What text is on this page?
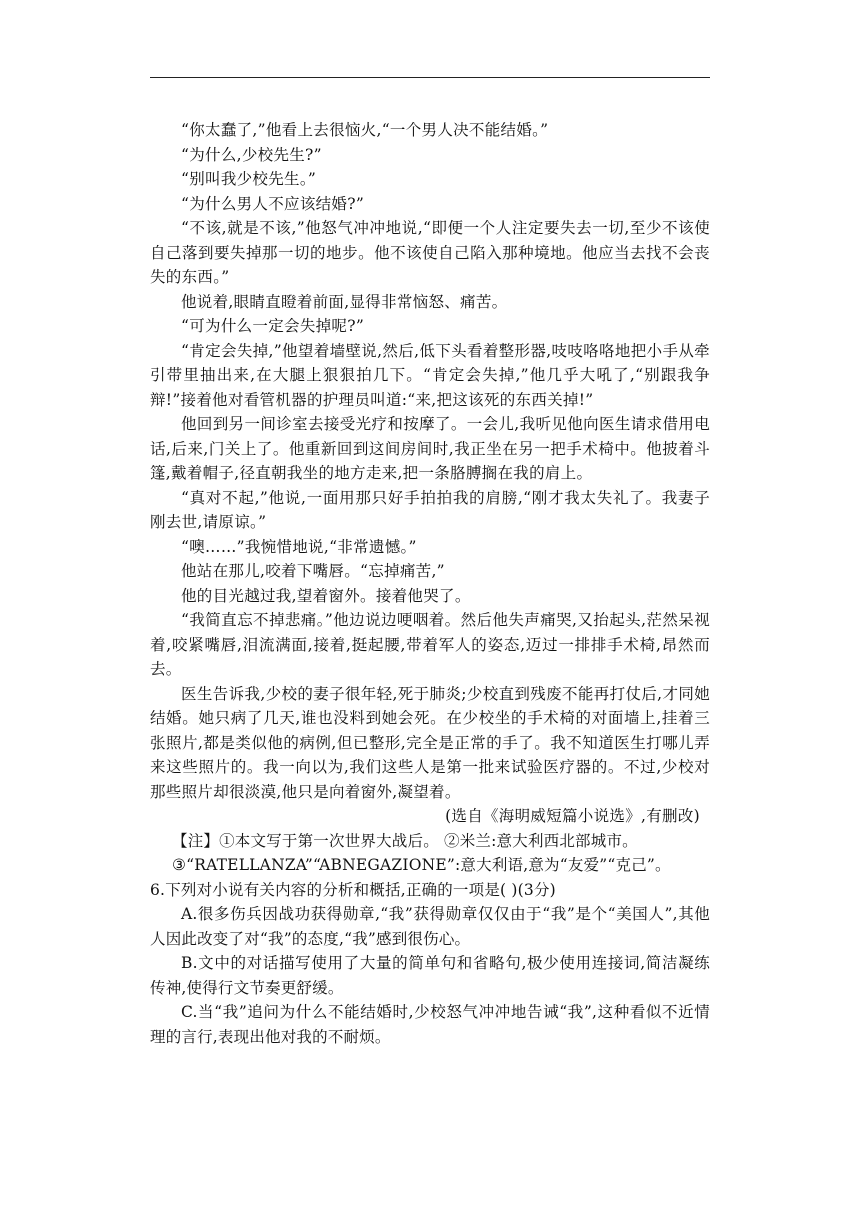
“你太蠢了,”他看上去很恼火,“一个男人决不能结婚。”

“为什么,少校先生?”

“别叫我少校先生。”

“为什么男人不应该结婚?”

“不该,就是不该,”他怒气冲冲地说,“即便一个人注定要失去一切,至少不该使自己落到要失掉那一切的地步。他不该使自己陷入那种境地。他应当去找不会丧失的东西。”

他说着,眼睛直瞪着前面,显得非常恼怒、痛苦。

“可为什么一定会失掉呢?”

“肯定会失掉,”他望着墙壁说,然后,低下头看着整形器,吱吱咯咯地把小手从牵引带里抽出来,在大腿上狠狠拍几下。“肯定会失掉,”他几乎大吼了,“别跟我争辩!”接着他对看管机器的护理员叫道:“来,把这该死的东西关掉!”

他回到另一间诊室去接受光疗和按摩了。一会儿,我听见他向医生请求借用电话,后来,门关上了。他重新回到这间房间时,我正坐在另一把手术椅中。他披着斗篷,戴着帽子,径直朝我坐的地方走来,把一条胳膊搁在我的肩上。

“真对不起,”他说,一面用那只好手拍拍我的肩膀,“刚才我太失礼了。我妻子刚去世,请原谅。”

“噢……”我惋惜地说,“非常遗憾。”

他站在那儿,咬着下嘴唇。“忘掉痛苦,”

他的目光越过我,望着窗外。接着他哭了。

“我简直忘不掉悲痛。”他边说边哽咽着。然后他失声痛哭,又抬起头,茫然呆视着,咬紧嘴唇,泪流满面,接着,挺起腰,带着军人的姿态,迈过一排排手术椅,昂然而去。

医生告诉我,少校的妻子很年轻,死于肺炎;少校直到残废不能再打仗后,才同她结婚。她只病了几天,谁也没料到她会死。在少校坐的手术椅的对面墙上,挂着三张照片,都是类似他的病例,但已整形,完全是正常的手了。我不知道医生打哪儿弄来这些照片的。我一向以为,我们这些人是第一批来试验医疗器的。不过,少校对那些照片却很淡漠,他只是向着窗外,凝望着。

(选自《海明威短篇小说选》,有删改)

【注】①本文写于第一次世界大战后。 ②米兰:意大利西北部城市。

③“RATELLANZA”“ABNEGAZIONE”:意大利语,意为“友爱”“克己”。

6.下列对小说有关内容的分析和概括,正确的一项是( )(3分)

A.很多伤兵因战功获得勋章,“我”获得勋章仅仅由于“我”是个“美国人”,其他人因此改变了对“我”的态度,“我”感到很伤心。

B.文中的对话描写使用了大量的简单句和省略句,极少使用连接词,简洁凝练传神,使得行文节奏更舒缓。

C.当“我”追问为什么不能结婚时,少校怒气冲冲地告诫“我”,这种看似不近情理的言行,表现出他对我的不耐烦。
